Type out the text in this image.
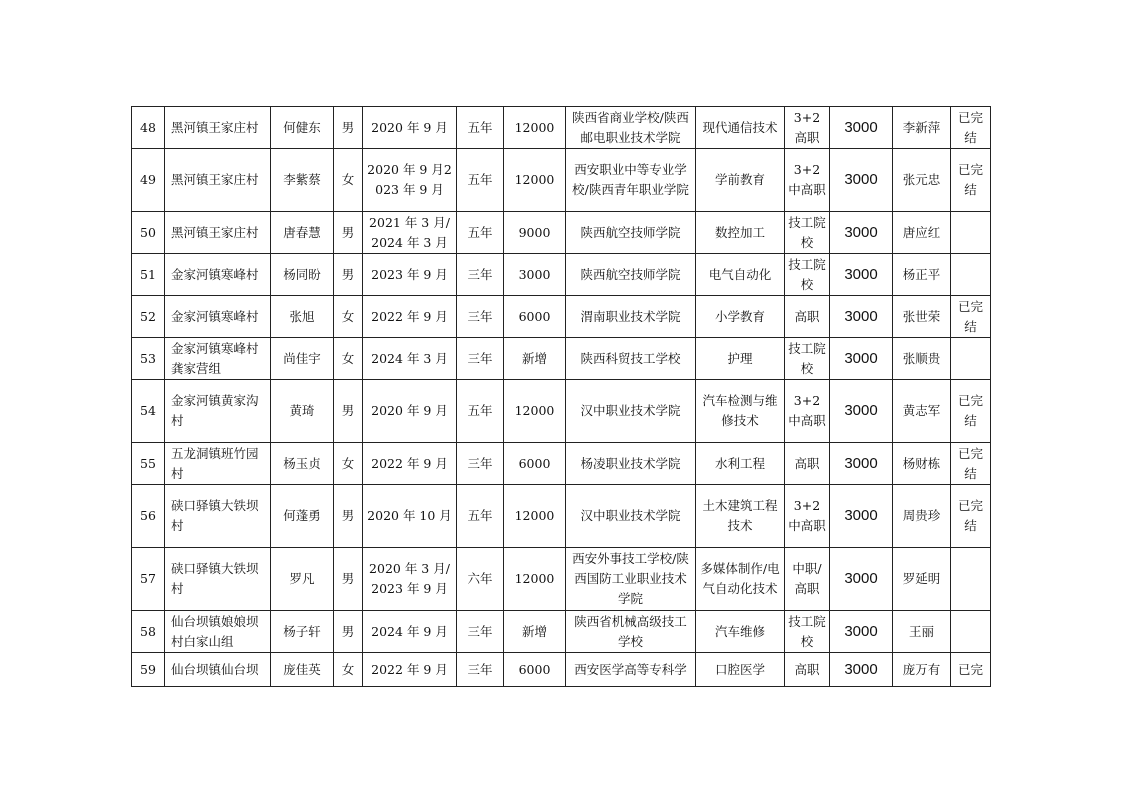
48	黑河镇王家庄村	何健东	男	2020 年 9 月	五年	12000	陕西省商业学校/陕西邮电职业技术学院	现代通信技术	3+2高职	3000	李新萍	已完结
49	黑河镇王家庄村	李紫蔡	女	2020 年 9 月2023 年 9 月	五年	12000	西安职业中等专业学校/陕西青年职业学院	学前教育	3+2中高职	3000	张元忠	已完结
50	黑河镇王家庄村	唐春慧	男	2021 年 3 月/2024 年 3 月	五年	9000	陕西航空技师学院	数控加工	技工院校	3000	唐应红	
51	金家河镇寒峰村	杨同盼	男	2023 年 9 月	三年	3000	陕西航空技师学院	电气自动化	技工院校	3000	杨正平	
52	金家河镇寒峰村	张旭	女	2022 年 9 月	三年	6000	渭南职业技术学院	小学教育	高职	3000	张世荣	已完结
53	金家河镇寒峰村龚家营组	尚佳宇	女	2024 年 3 月	三年	新增	陕西科贸技工学校	护理	技工院校	3000	张顺贵	
54	金家河镇黄家沟村	黄琦	男	2020 年 9 月	五年	12000	汉中职业技术学院	汽车检测与维修技术	3+2中高职	3000	黄志军	已完结
55	五龙洞镇班竹园村	杨玉贞	女	2022 年 9 月	三年	6000	杨凌职业技术学院	水利工程	高职	3000	杨财栋	已完结
56	硖口驿镇大铁坝村	何蓬勇	男	2020 年 10 月	五年	12000	汉中职业技术学院	土木建筑工程技术	3+2中高职	3000	周贵珍	已完结
57	硖口驿镇大铁坝村	罗凡	男	2020 年 3 月/2023 年 9 月	六年	12000	西安外事技工学校/陕西国防工业职业技术学院	多媒体制作/电气自动化技术	中职/高职	3000	罗延明	
58	仙台坝镇娘娘坝村白家山组	杨子轩	男	2024 年 9 月	三年	新增	陕西省机械高级技工学校	汽车维修	技工院校	3000	王丽	
59	仙台坝镇仙台坝	庞佳英	女	2022 年 9 月	三年	6000	西安医学高等专科学	口腔医学	高职	3000	庞万有	已完
